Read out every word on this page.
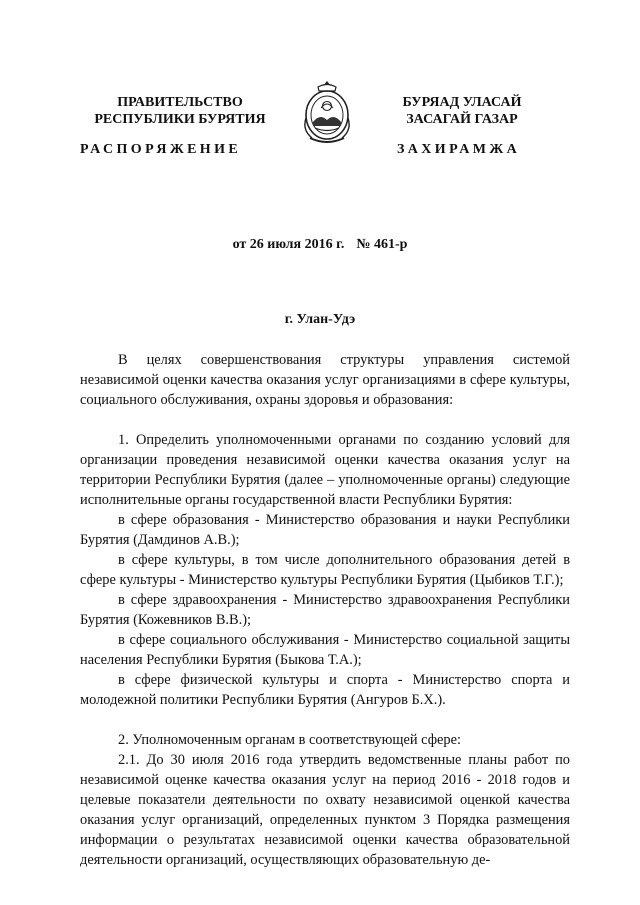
ПРАВИТЕЛЬСТВО
РЕСПУБЛИКИ БУРЯТИЯ
БУРЯАД УЛАСАЙ
ЗАСАГАЙ ГАЗАР
РАСПОРЯЖЕНИЕ	ЗАХИРАМЖА
от 26 июля 2016 г. № 461-р
г. Улан-Удэ

В целях совершенствования структуры управления системой независимой оценки качества оказания услуг организациями в сфере культуры, социального обслуживания, охраны здоровья и образования:

1. Определить уполномоченными органами по созданию условий для организации проведения независимой оценки качества оказания услуг на территории Республики Бурятия (далее – уполномоченные органы) следующие исполнительные органы государственной власти Республики Бурятия:

в сфере образования - Министерство образования и науки Республики Бурятия (Дамдинов А.В.);

в сфере культуры, в том числе дополнительного образования детей в сфере культуры - Министерство культуры Республики Бурятия (Цыбиков Т.Г.);

в сфере здравоохранения - Министерство здравоохранения Республики Бурятия (Кожевников В.В.);

в сфере социального обслуживания - Министерство социальной защиты населения Республики Бурятия (Быкова Т.А.);

в сфере физической культуры и спорта - Министерство спорта и молодежной политики Республики Бурятия (Ангуров Б.Х.).

2. Уполномоченным органам в соответствующей сфере:

2.1. До 30 июля 2016 года утвердить ведомственные планы работ по независимой оценке качества оказания услуг на период 2016 - 2018 годов и целевые показатели деятельности по охвату независимой оценкой качества оказания услуг организаций, определенных пунктом 3 Порядка размещения информации о результатах независимой оценки качества образовательной деятельности организаций, осуществляющих образовательную де-
